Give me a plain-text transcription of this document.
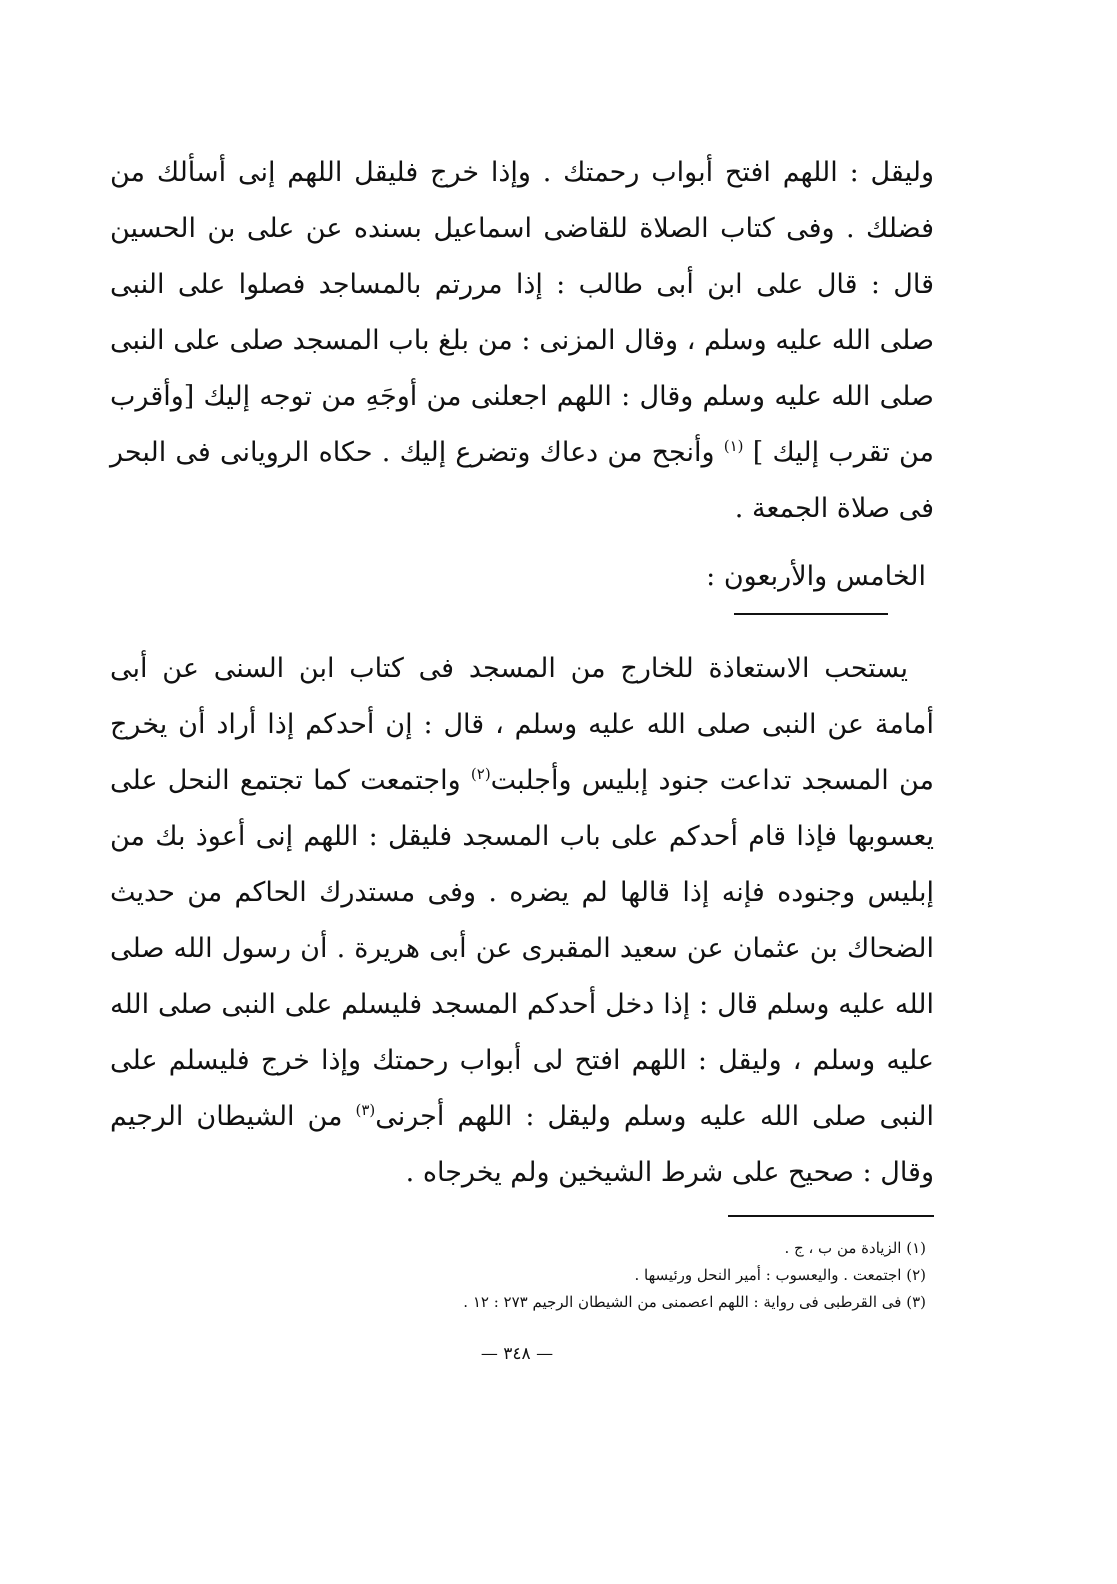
وليقل : اللهم افتح أبواب رحمتك . وإذا خرج فليقل اللهم إنى أسألك من فضلك . وفى كتاب الصلاة للقاضى اسماعيل بسنده عن على بن الحسين قال : قال على ابن أبى طالب : إذا مررتم بالمساجد فصلوا على النبى صلى الله عليه وسلم ، وقال المزنى : من بلغ باب المسجد صلى على النبى صلى الله عليه وسلم وقال : اللهم اجعلنى من أوجَهِ من توجه إليك [وأقرب من تقرب إليك ] $^{(١)}$ وأنجح من دعاك وتضرع إليك . حكاه الرويانى فى البحر فى صلاة الجمعة .

الخامس والأربعون :

يستحب الاستعاذة للخارج من المسجد فى كتاب ابن السنى عن أبى أمامة عن النبى صلى الله عليه وسلم ، قال : إن أحدكم إذا أراد أن يخرج من المسجد تداعت جنود إبليس وأجلبت$^{(٢)}$ واجتمعت كما تجتمع النحل على يعسوبها فإذا قام أحدكم على باب المسجد فليقل : اللهم إنى أعوذ بك من إبليس وجنوده فإنه إذا قالها لم يضره . وفى مستدرك الحاكم من حديث الضحاك بن عثمان عن سعيد المقبرى عن أبى هريرة . أن رسول الله صلى الله عليه وسلم قال : إذا دخل أحدكم المسجد فليسلم على النبى صلى الله عليه وسلم ، وليقل : اللهم افتح لى أبواب رحمتك وإذا خرج فليسلم على النبى صلى الله عليه وسلم وليقل : اللهم أجرنى$^{(٣)}$ من الشيطان الرجيم وقال : صحيح على شرط الشيخين ولم يخرجاه .

(١) الزيادة من ب ، ج .

(٢) اجتمعت . واليعسوب : أمير النحل ورئيسها .

(٣) فى القرطبى فى رواية : اللهم اعصمنى من الشيطان الرجيم ٢٧٣ : ١٢ .

— ٣٤٨ —
